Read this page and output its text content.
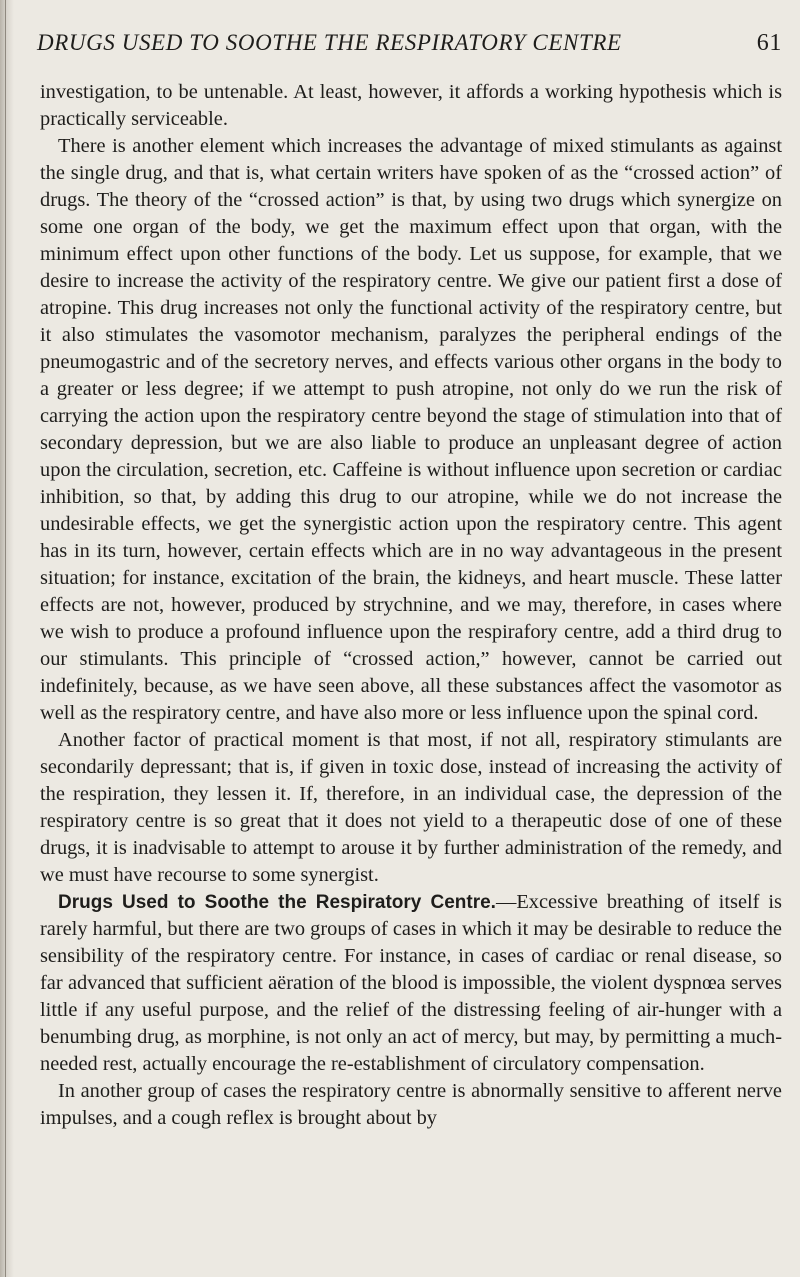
DRUGS USED TO SOOTHE THE RESPIRATORY CENTRE	61

investigation, to be untenable. At least, however, it affords a working hypothesis which is practically serviceable.

There is another element which increases the advantage of mixed stimulants as against the single drug, and that is, what certain writers have spoken of as the “crossed action” of drugs. The theory of the “crossed action” is that, by using two drugs which synergize on some one organ of the body, we get the maximum effect upon that organ, with the minimum effect upon other functions of the body. Let us suppose, for example, that we desire to increase the activity of the respiratory centre. We give our patient first a dose of atropine. This drug increases not only the functional activity of the respiratory centre, but it also stimulates the vasomotor mechanism, paralyzes the peripheral endings of the pneumogastric and of the secretory nerves, and effects various other organs in the body to a greater or less degree; if we attempt to push atropine, not only do we run the risk of carrying the action upon the respiratory centre beyond the stage of stimulation into that of secondary depression, but we are also liable to produce an unpleasant degree of action upon the circulation, secretion, etc. Caffeine is without influence upon secretion or cardiac inhibition, so that, by adding this drug to our atropine, while we do not increase the undesirable effects, we get the synergistic action upon the respiratory centre. This agent has in its turn, however, certain effects which are in no way advantageous in the present situation; for instance, excitation of the brain, the kidneys, and heart muscle. These latter effects are not, however, produced by strychnine, and we may, therefore, in cases where we wish to produce a profound influence upon the respirafory centre, add a third drug to our stimulants. This principle of “crossed action,” however, cannot be carried out indefinitely, because, as we have seen above, all these substances affect the vasomotor as well as the respiratory centre, and have also more or less influence upon the spinal cord.

Another factor of practical moment is that most, if not all, respiratory stimulants are secondarily depressant; that is, if given in toxic dose, instead of increasing the activity of the respiration, they lessen it. If, therefore, in an individual case, the depression of the respiratory centre is so great that it does not yield to a therapeutic dose of one of these drugs, it is inadvisable to attempt to arouse it by further administration of the remedy, and we must have recourse to some synergist.

Drugs Used to Soothe the Respiratory Centre.—Excessive breathing of itself is rarely harmful, but there are two groups of cases in which it may be desirable to reduce the sensibility of the respiratory centre. For instance, in cases of cardiac or renal disease, so far advanced that sufficient aëration of the blood is impossible, the violent dyspnœa serves little if any useful purpose, and the relief of the distressing feeling of air-hunger with a benumbing drug, as morphine, is not only an act of mercy, but may, by permitting a much-needed rest, actually encourage the re-establishment of circulatory compensation.

In another group of cases the respiratory centre is abnormally sensitive to afferent nerve impulses, and a cough reflex is brought about by
